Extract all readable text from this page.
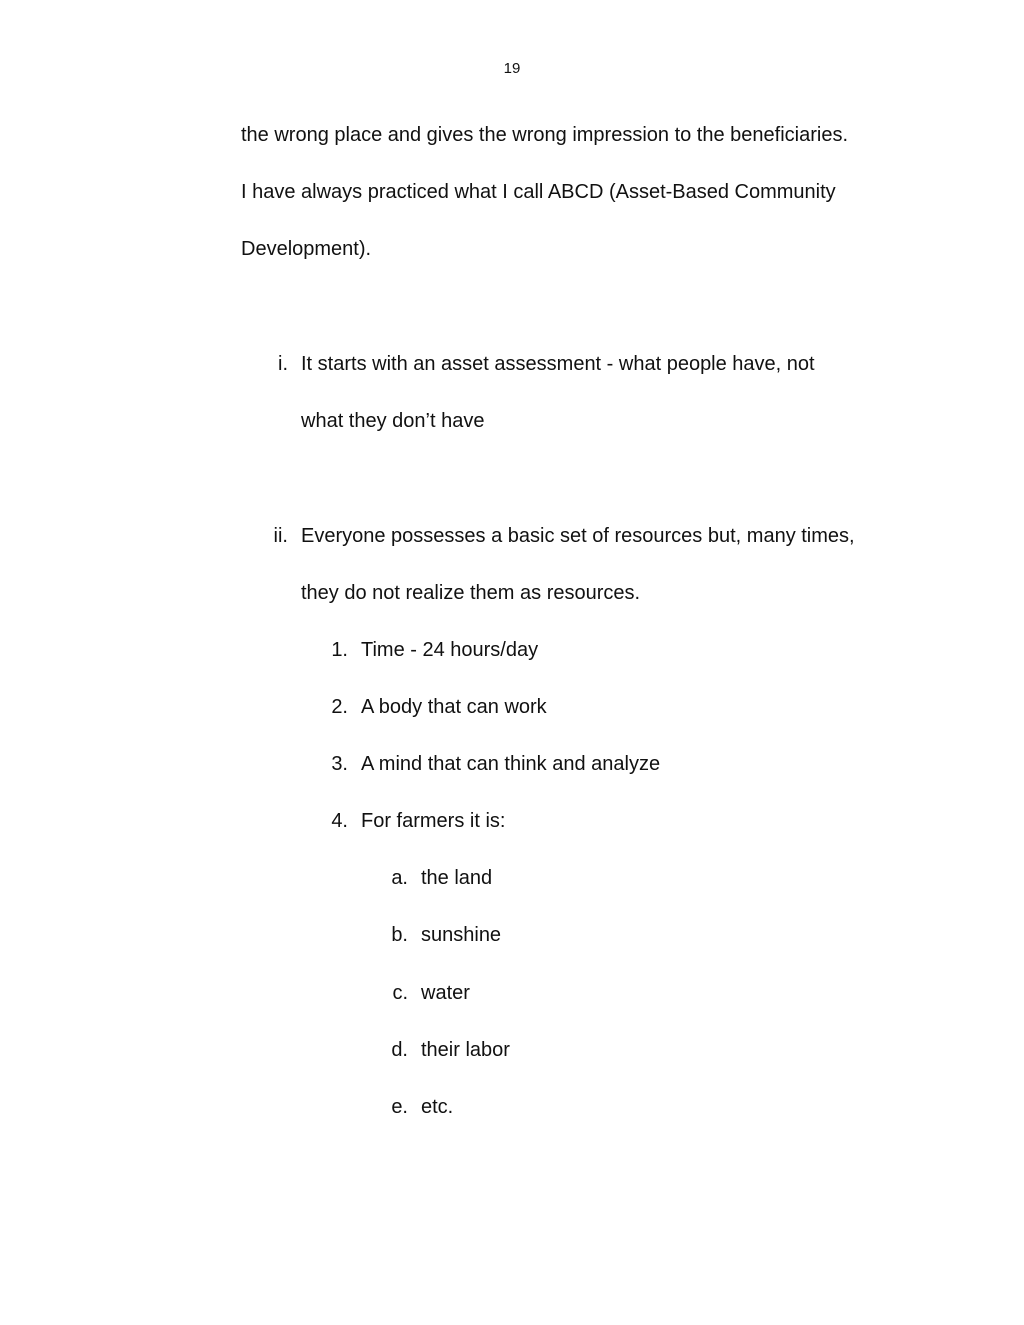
19
the wrong place and gives the wrong impression to the beneficiaries.
I have always practiced what I call ABCD (Asset-Based Community
Development).
i. It starts with an asset assessment - what people have, not
what they don’t have
ii. Everyone possesses a basic set of resources but, many times,
they do not realize them as resources.
1. Time - 24 hours/day
2. A body that can work
3. A mind that can think and analyze
4. For farmers it is:
a. the land
b. sunshine
c. water
d. their labor
e. etc.
